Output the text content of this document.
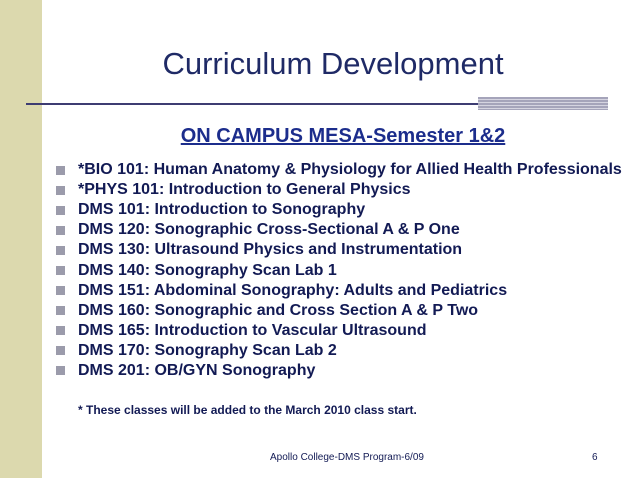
Curriculum Development
ON CAMPUS MESA-Semester 1&2
*BIO 101: Human Anatomy & Physiology for Allied Health Professionals
*PHYS 101: Introduction to General Physics
DMS 101: Introduction to Sonography
DMS 120: Sonographic Cross-Sectional A & P One
DMS 130: Ultrasound Physics and Instrumentation
DMS 140: Sonography Scan Lab 1
DMS 151: Abdominal Sonography: Adults and Pediatrics
DMS 160: Sonographic and Cross Section A & P Two
DMS 165: Introduction to Vascular Ultrasound
DMS 170: Sonography Scan Lab 2
DMS 201: OB/GYN Sonography
* These classes will be added to the March 2010 class start.
Apollo College-DMS Program-6/09	6
